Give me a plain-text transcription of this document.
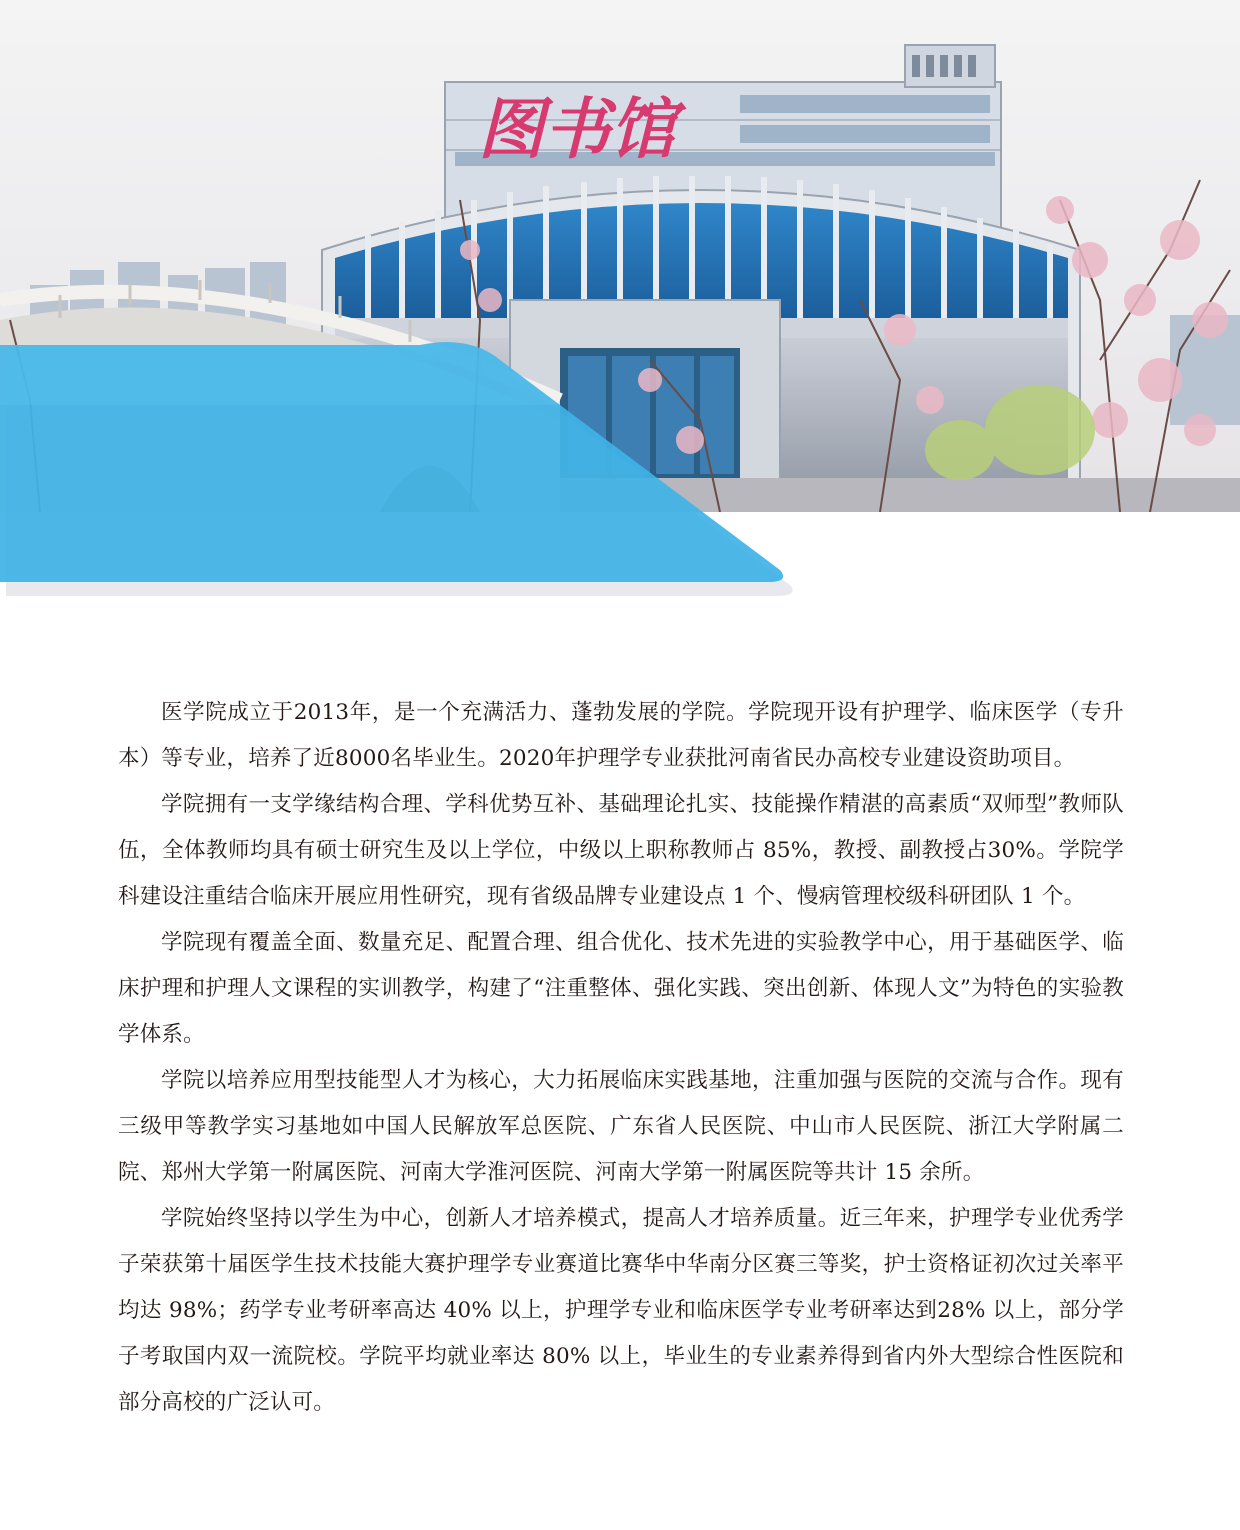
图书馆
医学院

医学院成立于2013年，是一个充满活力、蓬勃发展的学院。学院现开设有护理学、临床医学（专升本）等专业，培养了近8000名毕业生。2020年护理学专业获批河南省民办高校专业建设资助项目。

学院拥有一支学缘结构合理、学科优势互补、基础理论扎实、技能操作精湛的高素质“双师型”教师队伍，全体教师均具有硕士研究生及以上学位，中级以上职称教师占 85%，教授、副教授占30%。学院学科建设注重结合临床开展应用性研究，现有省级品牌专业建设点 1 个、慢病管理校级科研团队 1 个。

学院现有覆盖全面、数量充足、配置合理、组合优化、技术先进的实验教学中心，用于基础医学、临床护理和护理人文课程的实训教学，构建了“注重整体、强化实践、突出创新、体现人文”为特色的实验教学体系。

学院以培养应用型技能型人才为核心，大力拓展临床实践基地，注重加强与医院的交流与合作。现有三级甲等教学实习基地如中国人民解放军总医院、广东省人民医院、中山市人民医院、浙江大学附属二院、郑州大学第一附属医院、河南大学淮河医院、河南大学第一附属医院等共计 15 余所。

学院始终坚持以学生为中心，创新人才培养模式，提高人才培养质量。近三年来，护理学专业优秀学子荣获第十届医学生技术技能大赛护理学专业赛道比赛华中华南分区赛三等奖，护士资格证初次过关率平均达 98%；药学专业考研率高达 40% 以上，护理学专业和临床医学专业考研率达到28% 以上，部分学子考取国内双一流院校。学院平均就业率达 80% 以上，毕业生的专业素养得到省内外大型综合性医院和部分高校的广泛认可。
